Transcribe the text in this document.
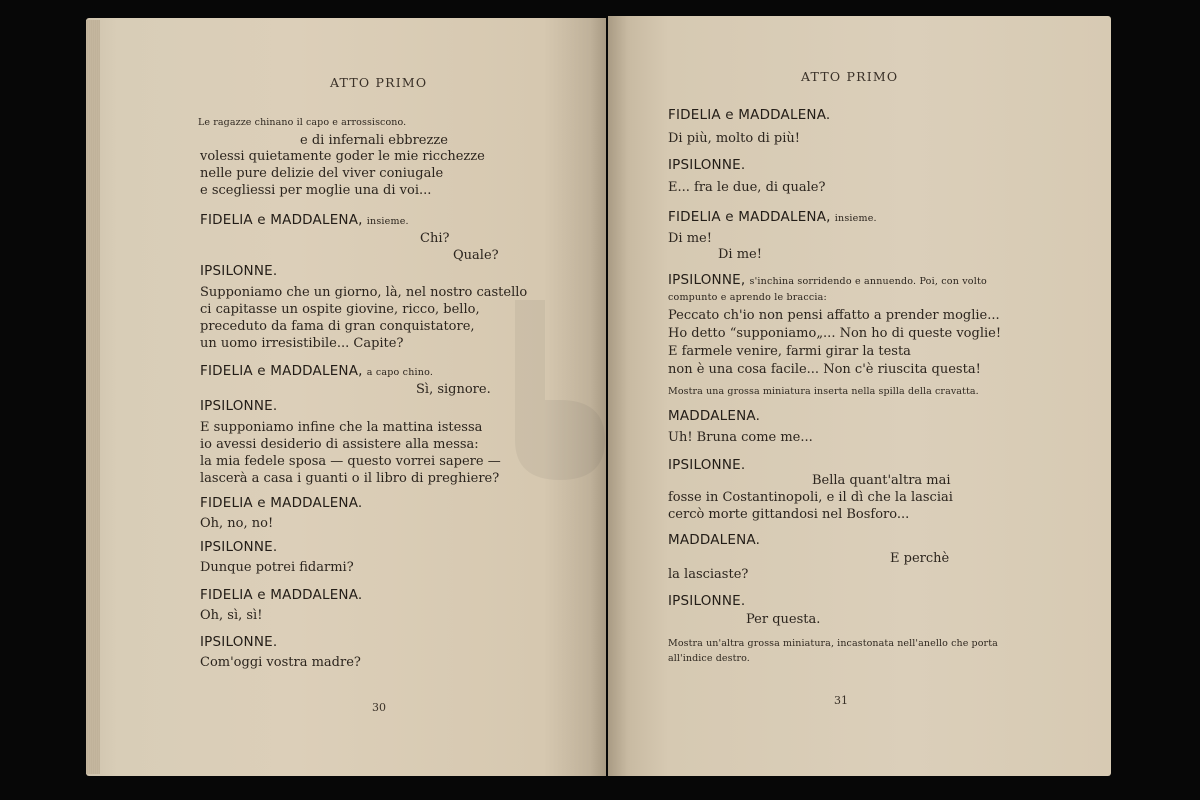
ATTO PRIMO
Le ragazze chinano il capo e arrossiscono.
e di infernali ebbrezze
volessi quietamente goder le mie ricchezze
nelle pure delizie del viver coniugale
e scegliessi per moglie una di voi...
FIDELIA e MADDALENA, insieme.
Chi?
Quale?
IPSILONNE.
Supponiamo che un giorno, là, nel nostro castello
ci capitasse un ospite giovine, ricco, bello,
preceduto da fama di gran conquistatore,
un uomo irresistibile... Capite?
FIDELIA e MADDALENA, a capo chino.
Sì, signore.
IPSILONNE.
E supponiamo infine che la mattina istessa
io avessi desiderio di assistere alla messa:
la mia fedele sposa — questo vorrei sapere —
lascerà a casa i guanti o il libro di preghiere?
FIDELIA e MADDALENA.
Oh, no, no!
IPSILONNE.
Dunque potrei fidarmi?
FIDELIA e MADDALENA.
Oh, sì, sì!
IPSILONNE.
Com'oggi vostra madre?
30
ATTO PRIMO
FIDELIA e MADDALENA.
Di più, molto di più!
IPSILONNE.
E... fra le due, di quale?
FIDELIA e MADDALENA, insieme.
Di me!
Di me!
IPSILONNE, s'inchina sorridendo e annuendo. Poi, con volto
compunto e aprendo le braccia:
Peccato ch'io non pensi affatto a prender moglie...
Ho detto “supponiamo„... Non ho di queste voglie!
E farmele venire, farmi girar la testa
non è una cosa facile... Non c'è riuscita questa!
Mostra una grossa miniatura inserta nella spilla della cravatta.
MADDALENA.
Uh! Bruna come me...
IPSILONNE.
Bella quant'altra mai
fosse in Costantinopoli, e il dì che la lasciai
cercò morte gittandosi nel Bosforo...
MADDALENA.
E perchè
la lasciaste?
IPSILONNE.
Per questa.
Mostra un'altra grossa miniatura, incastonata nell'anello che porta
all'indice destro.
31
